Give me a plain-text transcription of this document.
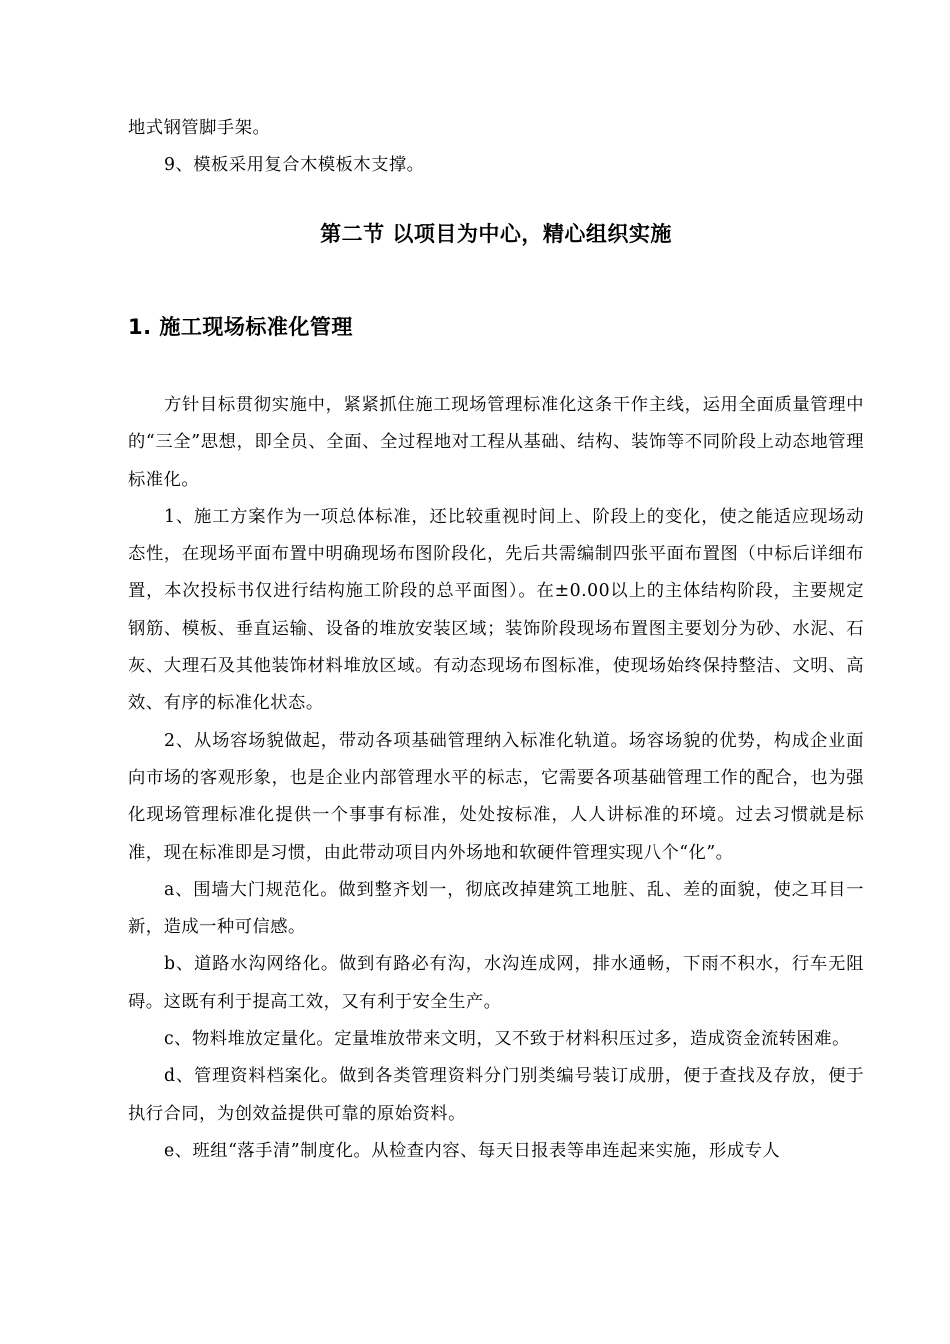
地式钢管脚手架。

9、模板采用复合木模板木支撑。

第二节 以项目为中心，精心组织实施
1. 施工现场标准化管理

方针目标贯彻实施中，紧紧抓住施工现场管理标准化这条干作主线，运用全面质量管理中的“三全”思想，即全员、全面、全过程地对工程从基础、结构、装饰等不同阶段上动态地管理标准化。

1、施工方案作为一项总体标准，还比较重视时间上、阶段上的变化，使之能适应现场动态性，在现场平面布置中明确现场布图阶段化，先后共需编制四张平面布置图（中标后详细布置，本次投标书仅进行结构施工阶段的总平面图）。在±0.00以上的主体结构阶段，主要规定钢筋、模板、垂直运输、设备的堆放安装区域；装饰阶段现场布置图主要划分为砂、水泥、石灰、大理石及其他装饰材料堆放区域。有动态现场布图标准，使现场始终保持整洁、文明、高效、有序的标准化状态。

2、从场容场貌做起，带动各项基础管理纳入标准化轨道。场容场貌的优势，构成企业面向市场的客观形象，也是企业内部管理水平的标志，它需要各项基础管理工作的配合，也为强化现场管理标准化提供一个事事有标准，处处按标准，人人讲标准的环境。过去习惯就是标准，现在标准即是习惯，由此带动项目内外场地和软硬件管理实现八个“化”。

a、围墙大门规范化。做到整齐划一，彻底改掉建筑工地脏、乱、差的面貌，使之耳目一新，造成一种可信感。

b、道路水沟网络化。做到有路必有沟，水沟连成网，排水通畅，下雨不积水，行车无阻碍。这既有利于提高工效，又有利于安全生产。

c、物料堆放定量化。定量堆放带来文明，又不致于材料积压过多，造成资金流转困难。

d、管理资料档案化。做到各类管理资料分门别类编号装订成册，便于查找及存放，便于执行合同，为创效益提供可靠的原始资料。

e、班组“落手清”制度化。从检查内容、每天日报表等串连起来实施，形成专人
